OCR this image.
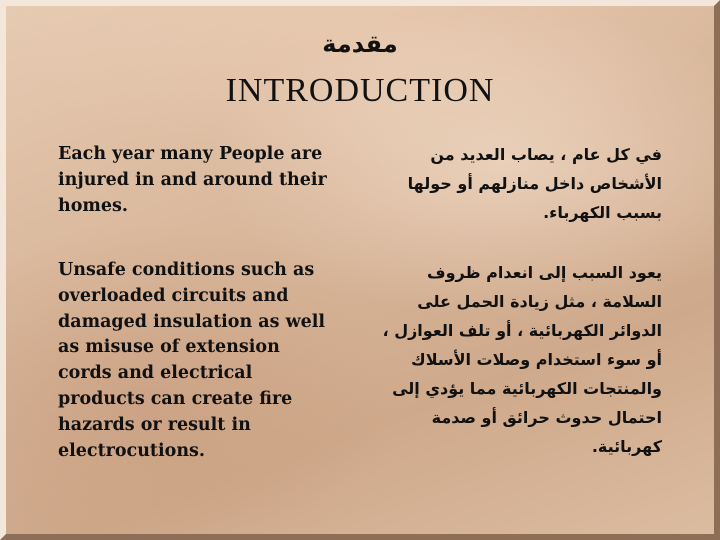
مقدمة
INTRODUCTION
Each year many People are injured in and around their homes.
في كل عام ، يصاب العديد من الأشخاص داخل منازلهم أو حولها بسبب الكهرباء.
Unsafe conditions such as overloaded circuits and damaged insulation as well as misuse of extension cords and electrical products can create fire hazards or result in electrocutions.
يعود السبب إلى انعدام ظروف السلامة ، مثل زيادة الحمل على الدوائر الكهربائية ، أو تلف العوازل ، أو سوء استخدام وصلات الأسلاك والمنتجات الكهربائية مما يؤدي إلى احتمال حدوث حرائق أو صدمة كهربائية.
